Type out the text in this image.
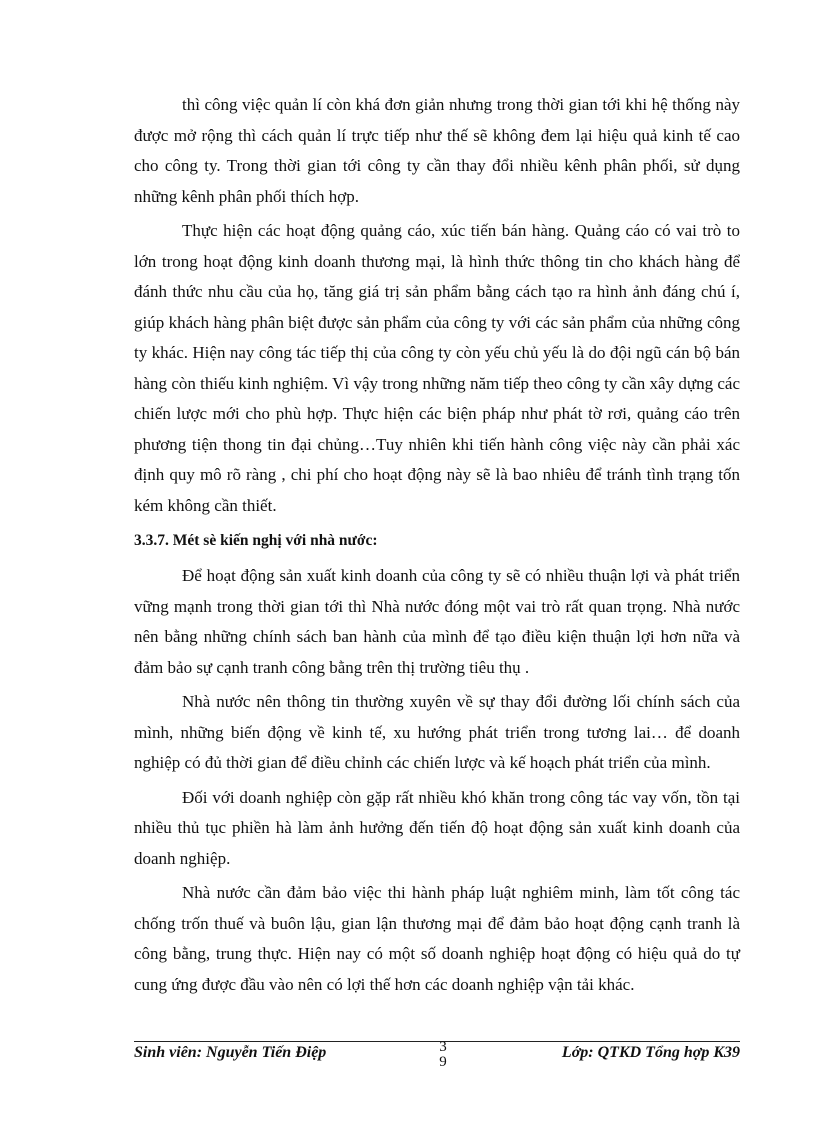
thì công việc quản lí còn khá đơn giản nhưng trong thời gian tới khi hệ thống này được mở rộng thì cách quản lí trực tiếp như thế sẽ không đem lại hiệu quả kinh tế cao cho công ty. Trong thời gian tới công ty cần thay đổi nhiều kênh phân phối, sử dụng những kênh phân phối thích hợp.

Thực hiện các hoạt động quảng cáo, xúc tiến bán hàng. Quảng cáo có vai trò to lớn trong hoạt động kinh doanh thương mại, là hình thức thông tin cho khách hàng để đánh thức nhu cầu của họ, tăng giá trị sản phẩm bằng cách tạo ra hình ảnh đáng chú í, giúp khách hàng phân biệt được sản phẩm của công ty với các sản phẩm của những công ty khác. Hiện nay công tác tiếp thị của công ty còn yếu chủ yếu là do đội ngũ cán bộ bán hàng còn thiếu kinh nghiệm. Vì vậy trong những năm tiếp theo công ty cần xây dựng các chiến lược mới cho phù hợp. Thực hiện các biện pháp như phát tờ rơi, quảng cáo trên phương tiện thong tin đại chủng…Tuy nhiên khi tiến hành công việc này cần phải xác định quy mô rõ ràng , chi phí cho hoạt động này sẽ là bao nhiêu để tránh tình trạng tốn kém không cần thiết.

3.3.7. Mét sè kiến nghị với nhà nước:

Để hoạt động sản xuất kinh doanh của công ty sẽ có nhiều thuận lợi và phát triển vững mạnh trong thời gian tới thì Nhà nước đóng một vai trò rất quan trọng. Nhà nước nên bằng những chính sách ban hành của mình để tạo điều kiện thuận lợi hơn nữa và đảm bảo sự cạnh tranh công bằng trên thị trường tiêu thụ .

Nhà nước nên thông tin thường xuyên về sự thay đổi đường lối chính sách của mình, những biến động về kinh tế, xu hướng phát triển trong tương lai… để doanh nghiệp có đủ thời gian để điều chỉnh các chiến lược và kế hoạch phát triển của mình.

Đối với doanh nghiệp còn gặp rất nhiều khó khăn trong công tác vay vốn, tồn tại nhiều thủ tục phiền hà làm ảnh hưởng đến tiến độ hoạt động sản xuất kinh doanh của doanh nghiệp.

Nhà nước cần đảm bảo việc thi hành pháp luật nghiêm minh, làm tốt công tác chống trốn thuế và buôn lậu, gian lận thương mại để đảm bảo hoạt động cạnh tranh là công bằng, trung thực. Hiện nay có một số doanh nghiệp hoạt động có hiệu quả do tự cung ứng được đầu vào nên có lợi thế hơn các doanh nghiệp vận tải khác.

Sinh viên: Nguyễn Tiến Điệp	3
9
Lớp: QTKD Tổng hợp K39
